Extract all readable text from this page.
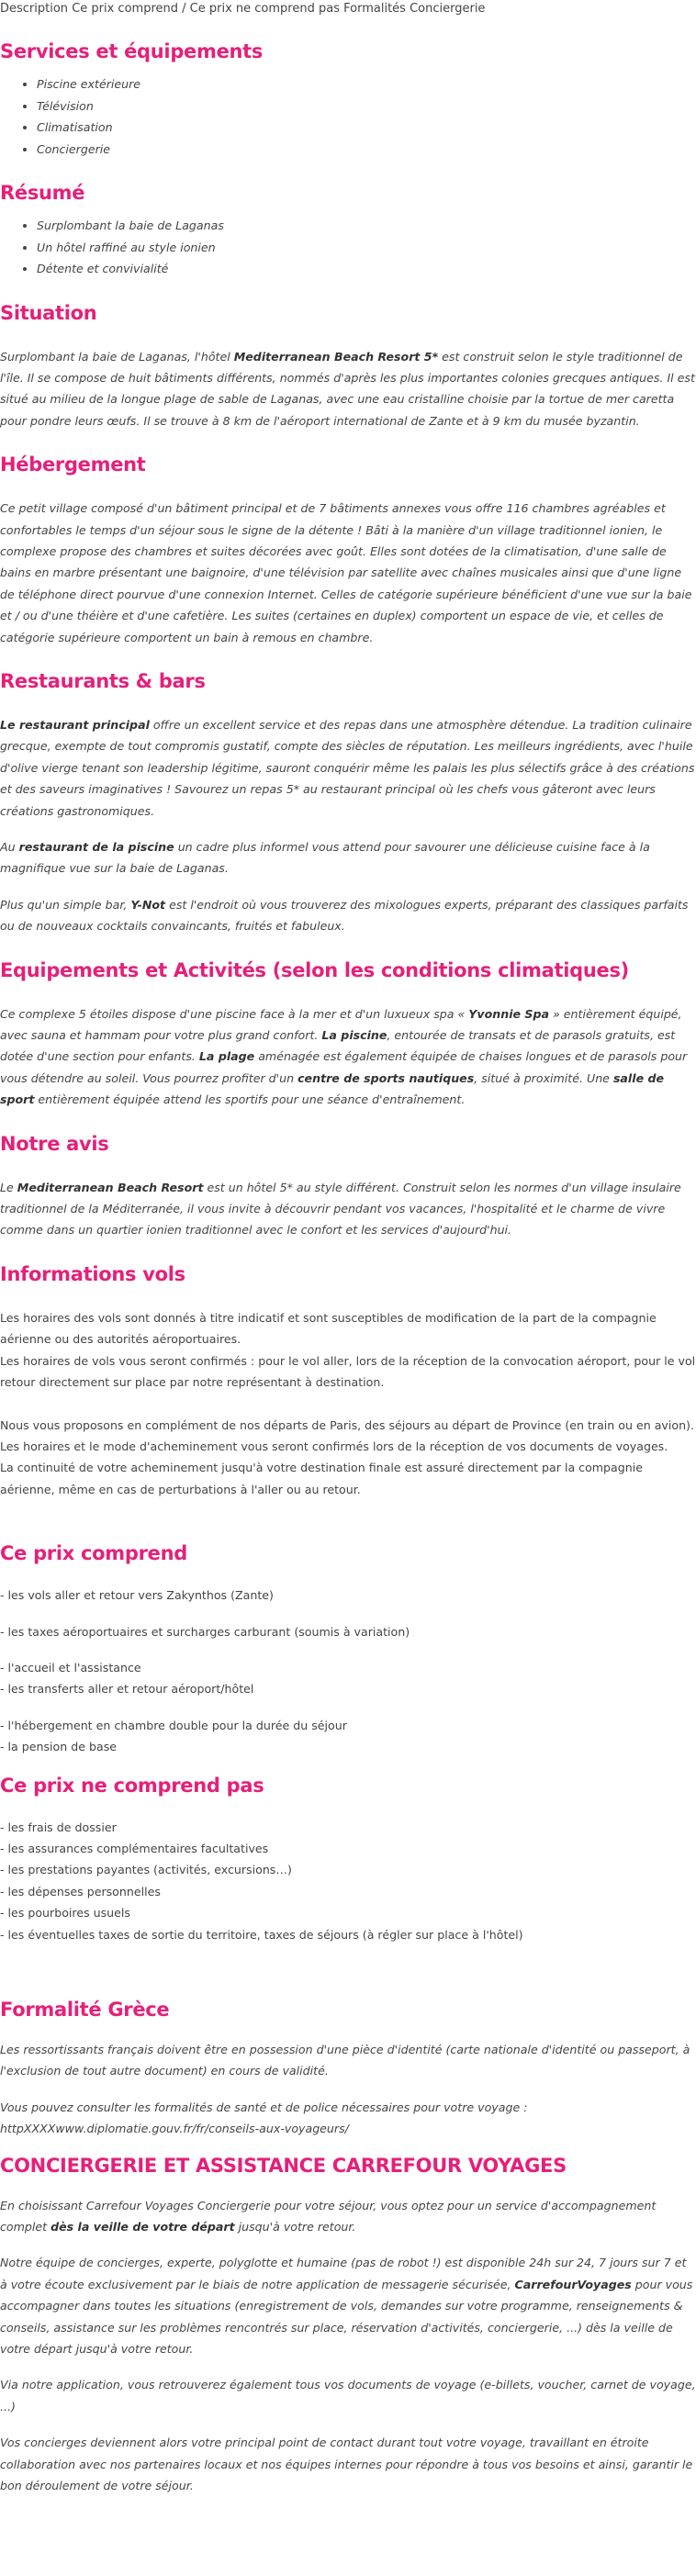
Description Ce prix comprend / Ce prix ne comprend pas Formalités Conciergerie
Services et équipements
• Piscine extérieure
• Télévision
• Climatisation
• Conciergerie
Résumé
• Surplombant la baie de Laganas
• Un hôtel raffiné au style ionien
• Détente et convivialité
Situation

Surplombant la baie de Laganas, l'hôtel Mediterranean Beach Resort 5* est construit selon le style traditionnel de l'île. Il se compose de huit bâtiments différents, nommés d'après les plus importantes colonies grecques antiques. Il est situé au milieu de la longue plage de sable de Laganas, avec une eau cristalline choisie par la tortue de mer caretta pour pondre leurs œufs. Il se trouve à 8 km de l'aéroport international de Zante et à 9 km du musée byzantin.

Hébergement

Ce petit village composé d'un bâtiment principal et de 7 bâtiments annexes vous offre 116 chambres agréables et confortables le temps d'un séjour sous le signe de la détente ! Bâti à la manière d'un village traditionnel ionien, le complexe propose des chambres et suites décorées avec goût. Elles sont dotées de la climatisation, d'une salle de bains en marbre présentant une baignoire, d'une télévision par satellite avec chaînes musicales ainsi que d'une ligne de téléphone direct pourvue d'une connexion Internet. Celles de catégorie supérieure bénéficient d'une vue sur la baie et / ou d'une théière et d'une cafetière. Les suites (certaines en duplex) comportent un espace de vie, et celles de catégorie supérieure comportent un bain à remous en chambre.

Restaurants & bars

Le restaurant principal offre un excellent service et des repas dans une atmosphère détendue. La tradition culinaire grecque, exempte de tout compromis gustatif, compte des siècles de réputation. Les meilleurs ingrédients, avec l'huile d'olive vierge tenant son leadership légitime, sauront conquérir même les palais les plus sélectifs grâce à des créations et des saveurs imaginatives ! Savourez un repas 5* au restaurant principal où les chefs vous gâteront avec leurs créations gastronomiques.

Au restaurant de la piscine un cadre plus informel vous attend pour savourer une délicieuse cuisine face à la magnifique vue sur la baie de Laganas.

Plus qu'un simple bar, Y-Not est l'endroit où vous trouverez des mixologues experts, préparant des classiques parfaits ou de nouveaux cocktails convaincants, fruités et fabuleux.

Equipements et Activités (selon les conditions climatiques)

Ce complexe 5 étoiles dispose d'une piscine face à la mer et d'un luxueux spa « Yvonnie Spa » entièrement équipé, avec sauna et hammam pour votre plus grand confort. La piscine, entourée de transats et de parasols gratuits, est dotée d'une section pour enfants. La plage aménagée est également équipée de chaises longues et de parasols pour vous détendre au soleil. Vous pourrez profiter d'un centre de sports nautiques, situé à proximité. Une salle de sport entièrement équipée attend les sportifs pour une séance d'entraînement.

Notre avis

Le Mediterranean Beach Resort est un hôtel 5* au style différent. Construit selon les normes d'un village insulaire traditionnel de la Méditerranée, il vous invite à découvrir pendant vos vacances, l'hospitalité et le charme de vivre comme dans un quartier ionien traditionnel avec le confort et les services d'aujourd'hui.

Informations vols

Les horaires des vols sont donnés à titre indicatif et sont susceptibles de modification de la part de la compagnie aérienne ou des autorités aéroportuaires.

Les horaires de vols vous seront confirmés : pour le vol aller, lors de la réception de la convocation aéroport, pour le vol retour directement sur place par notre représentant à destination.

Nous vous proposons en complément de nos départs de Paris, des séjours au départ de Province (en train ou en avion).

Les horaires et le mode d'acheminement vous seront confirmés lors de la réception de vos documents de voyages.

La continuité de votre acheminement jusqu'à votre destination finale est assuré directement par la compagnie aérienne, même en cas de perturbations à l'aller ou au retour.

Ce prix comprend

- les vols aller et retour vers Zakynthos (Zante)

- les taxes aéroportuaires et surcharges carburant (soumis à variation)

- l'accueil et l'assistance

- les transferts aller et retour aéroport/hôtel

- l'hébergement en chambre double pour la durée du séjour

- la pension de base

Ce prix ne comprend pas

- les frais de dossier

- les assurances complémentaires facultatives

- les prestations payantes (activités, excursions…)

- les dépenses personnelles

- les pourboires usuels

- les éventuelles taxes de sortie du territoire, taxes de séjours (à régler sur place à l'hôtel)

Formalité Grèce

Les ressortissants français doivent être en possession d'une pièce d'identité (carte nationale d'identité ou passeport, à l'exclusion de tout autre document) en cours de validité.

Vous pouvez consulter les formalités de santé et de police nécessaires pour votre voyage : httpXXXXwww.diplomatie.gouv.fr/fr/conseils-aux-voyageurs/

CONCIERGERIE ET ASSISTANCE CARREFOUR VOYAGES

En choisissant Carrefour Voyages Conciergerie pour votre séjour, vous optez pour un service d'accompagnement complet dès la veille de votre départ jusqu'à votre retour.

Notre équipe de concierges, experte, polyglotte et humaine (pas de robot !) est disponible 24h sur 24, 7 jours sur 7 et à votre écoute exclusivement par le biais de notre application de messagerie sécurisée, CarrefourVoyages pour vous accompagner dans toutes les situations (enregistrement de vols, demandes sur votre programme, renseignements & conseils, assistance sur les problèmes rencontrés sur place, réservation d'activités, conciergerie, ...) dès la veille de votre départ jusqu'à votre retour.

Via notre application, vous retrouverez également tous vos documents de voyage (e-billets, voucher, carnet de voyage, ...)

Vos concierges deviennent alors votre principal point de contact durant tout votre voyage, travaillant en étroite collaboration avec nos partenaires locaux et nos équipes internes pour répondre à tous vos besoins et ainsi, garantir le bon déroulement de votre séjour.
